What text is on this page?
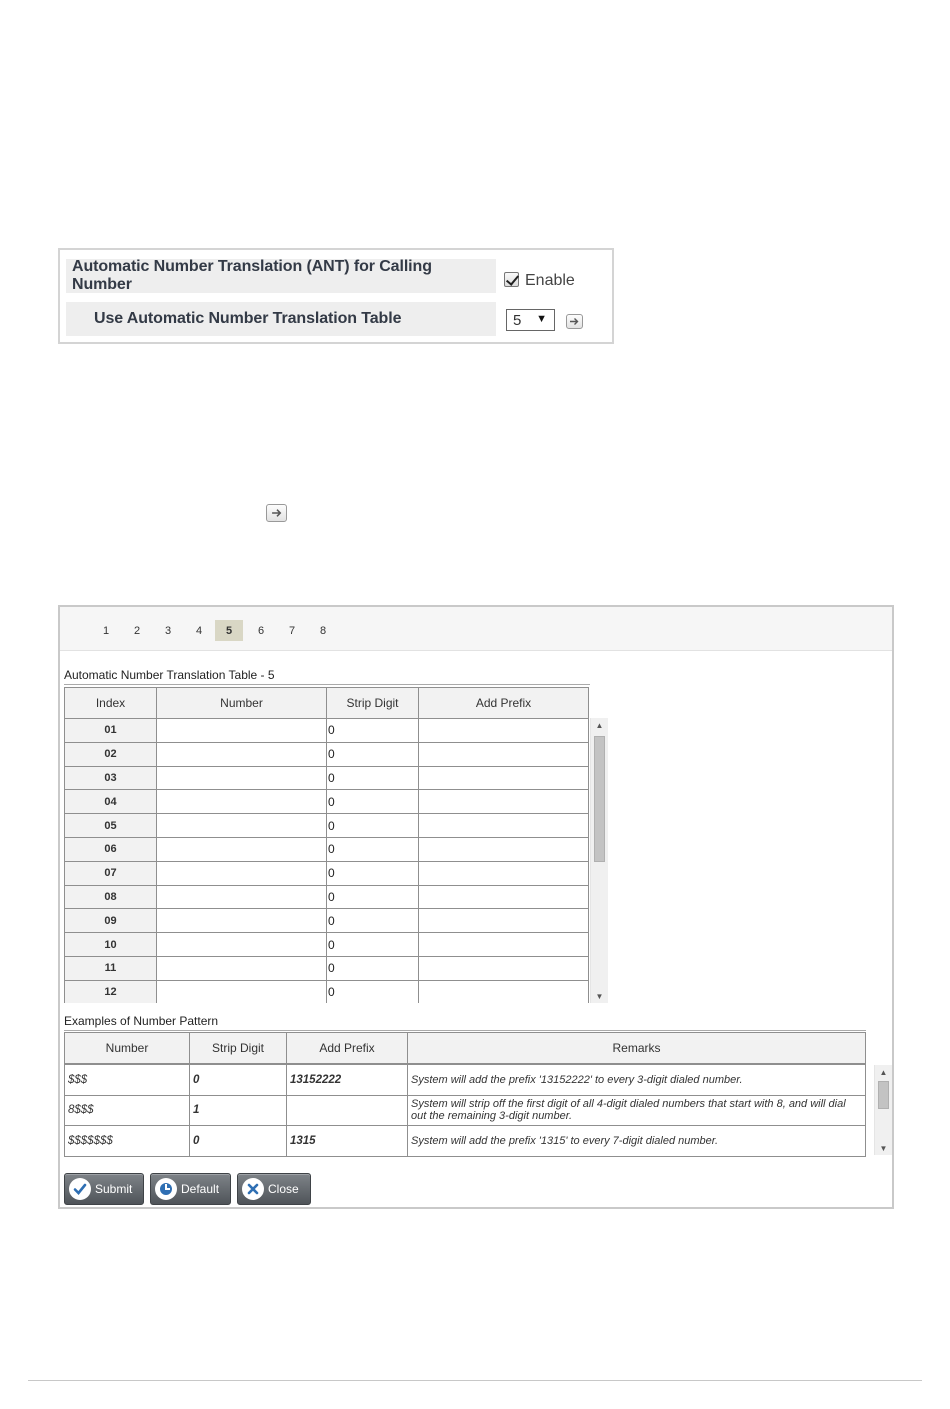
Automatic Number Translation (ANT) for Calling Number	Enable
Use Automatic Number Translation Table	5 ▼
1	2	3	4	5	6	7	8
Automatic Number Translation Table - 5
Index	Number	Strip Digit	Add Prefix
01		0	
02		0	
03		0	
04		0	
05		0	
06		0	
07		0	
08		0	
09		0	
10		0	
11		0	
12		0	
▲
▼
Examples of Number Pattern
Number	Strip Digit	Add Prefix	Remarks
$$$	0	13152222	System will add the prefix '13152222' to every 3-digit dialed number.
8$$$	1		System will strip off the first digit of all 4-digit dialed numbers that start with 8, and will dial out the remaining 3-digit number.
$$$$$$$	0	1315	System will add the prefix '1315' to every 7-digit dialed number.
▲
▼
Submit	Default	Close
